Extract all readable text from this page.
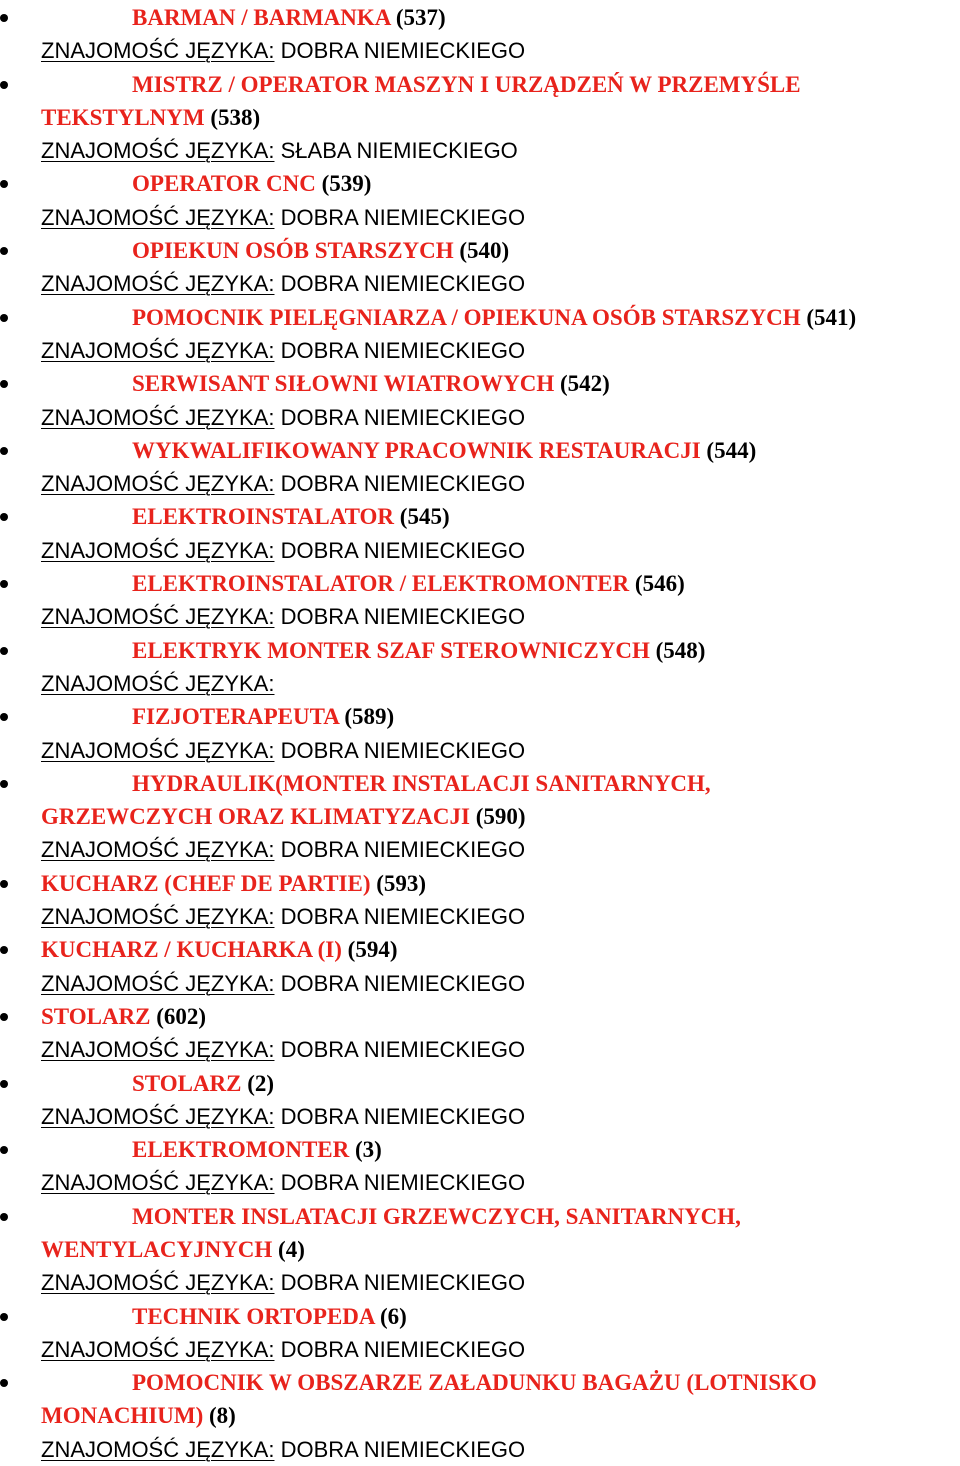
BARMAN / BARMANKA (537)
ZNAJOMOŚĆ JĘZYKA: DOBRA NIEMIECKIEGO
MISTRZ / OPERATOR MASZYN I URZĄDZEŃ W PRZEMYŚLE
TEKSTYLNYM (538)
ZNAJOMOŚĆ JĘZYKA: SŁABA NIEMIECKIEGO
OPERATOR CNC (539)
ZNAJOMOŚĆ JĘZYKA: DOBRA NIEMIECKIEGO
OPIEKUN OSÓB STARSZYCH (540)
ZNAJOMOŚĆ JĘZYKA: DOBRA NIEMIECKIEGO
POMOCNIK PIELĘGNIARZA / OPIEKUNA OSÓB STARSZYCH (541)
ZNAJOMOŚĆ JĘZYKA: DOBRA NIEMIECKIEGO
SERWISANT SIŁOWNI WIATROWYCH (542)
ZNAJOMOŚĆ JĘZYKA: DOBRA NIEMIECKIEGO
WYKWALIFIKOWANY PRACOWNIK RESTAURACJI (544)
ZNAJOMOŚĆ JĘZYKA: DOBRA NIEMIECKIEGO
ELEKTROINSTALATOR (545)
ZNAJOMOŚĆ JĘZYKA: DOBRA NIEMIECKIEGO
ELEKTROINSTALATOR / ELEKTROMONTER (546)
ZNAJOMOŚĆ JĘZYKA: DOBRA NIEMIECKIEGO
ELEKTRYK MONTER SZAF STEROWNICZYCH (548)
ZNAJOMOŚĆ JĘZYKA:
FIZJOTERAPEUTA (589)
ZNAJOMOŚĆ JĘZYKA: DOBRA NIEMIECKIEGO
HYDRAULIK(MONTER INSTALACJI SANITARNYCH,
GRZEWCZYCH ORAZ KLIMATYZACJI (590)
ZNAJOMOŚĆ JĘZYKA: DOBRA NIEMIECKIEGO
KUCHARZ (CHEF DE PARTIE) (593)
ZNAJOMOŚĆ JĘZYKA: DOBRA NIEMIECKIEGO
KUCHARZ / KUCHARKA (I) (594)
ZNAJOMOŚĆ JĘZYKA: DOBRA NIEMIECKIEGO
STOLARZ (602)
ZNAJOMOŚĆ JĘZYKA: DOBRA NIEMIECKIEGO
STOLARZ (2)
ZNAJOMOŚĆ JĘZYKA: DOBRA NIEMIECKIEGO
ELEKTROMONTER (3)
ZNAJOMOŚĆ JĘZYKA: DOBRA NIEMIECKIEGO
MONTER INSLATACJI GRZEWCZYCH, SANITARNYCH,
WENTYLACYJNYCH (4)
ZNAJOMOŚĆ JĘZYKA: DOBRA NIEMIECKIEGO
TECHNIK ORTOPEDA (6)
ZNAJOMOŚĆ JĘZYKA: DOBRA NIEMIECKIEGO
POMOCNIK W OBSZARZE ZAŁADUNKU BAGAŻU (LOTNISKO
MONACHIUM) (8)
ZNAJOMOŚĆ JĘZYKA: DOBRA NIEMIECKIEGO
